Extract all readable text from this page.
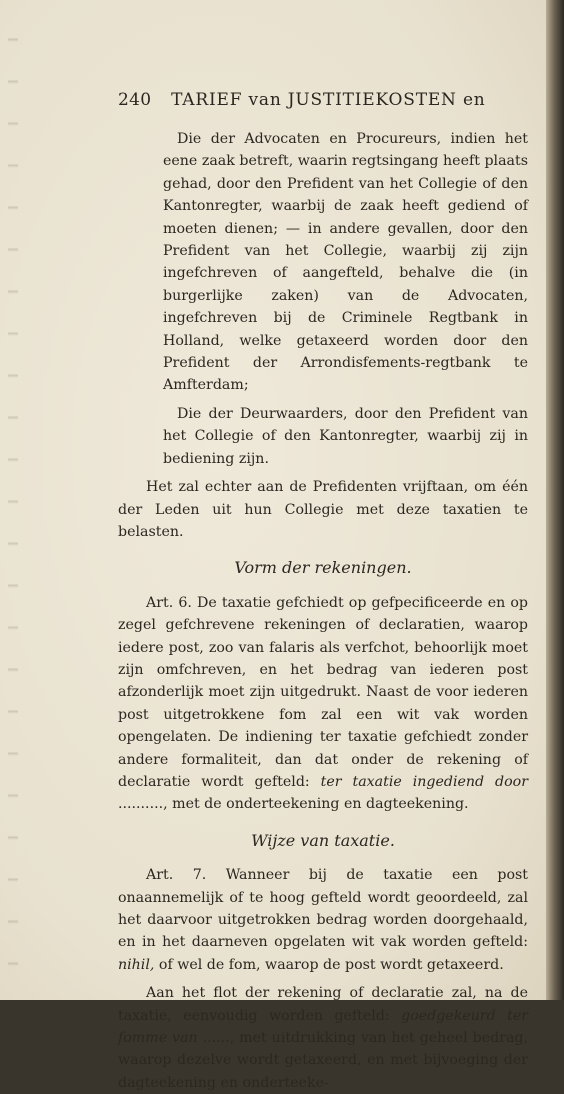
240 TARIEF van JUSTITIEKOSTEN en

Die der Advocaten en Procureurs, indien het eene zaak betreft, waarin regtsingang heeft plaats gehad, door den Prefident van het Collegie of den Kantonregter, waarbij de zaak heeft gediend of moeten dienen; — in andere gevallen, door den Prefident van het Collegie, waarbij zij zijn ingefchreven of aangefteld, behalve die (in burgerlijke zaken) van de Advocaten, ingefchreven bij de Criminele Regtbank in Holland, welke getaxeerd worden door den Prefident der Arrondisfements-regtbank te Amfterdam;

Die der Deurwaarders, door den Prefident van het Collegie of den Kantonregter, waarbij zij in bediening zijn.

Het zal echter aan de Prefidenten vrijftaan, om één der Leden uit hun Collegie met deze taxatien te belasten.

Vorm der rekeningen.

Art. 6. De taxatie gefchiedt op gefpecificeerde en op zegel gefchrevene rekeningen of declaratien, waarop iedere post, zoo van falaris als verfchot, behoorlijk moet zijn omfchreven, en het bedrag van iederen post afzonderlijk moet zijn uitgedrukt. Naast de voor iederen post uitgetrokkene fom zal een wit vak worden opengelaten. De indiening ter taxatie gefchiedt zonder andere formaliteit, dan dat onder de rekening of declaratie wordt gefteld: ter taxatie ingediend door .........., met de onderteekening en dagteekening.

Wijze van taxatie.

Art. 7. Wanneer bij de taxatie een post onaannemelijk of te hoog gefteld wordt geoordeeld, zal het daarvoor uitgetrokken bedrag worden doorgehaald, en in het daarneven opgelaten wit vak worden gefteld: nihil, of wel de fom, waarop de post wordt getaxeerd.

Aan het flot der rekening of declaratie zal, na de taxatie, eenvoudig worden gefteld: goedgekeurd ter fomme van ......, met uitdrukking van het geheel bedrag, waarop dezelve wordt getaxeerd, en met bijvoeging der dagteekening en onderteeke-
